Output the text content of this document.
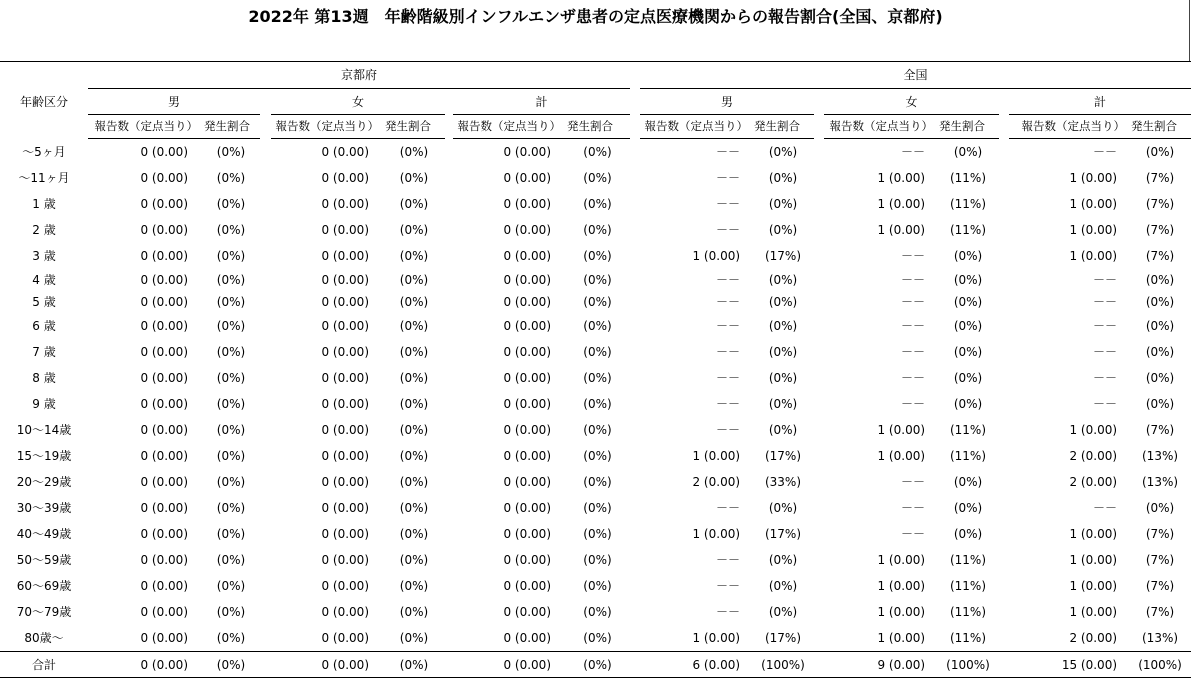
2022年 第13週　年齢階級別インフルエンザ患者の定点医療機関からの報告割合(全国、京都府)
年齢区分	京都府									全国							
	男			女			計			男			女			計	
	報告数（定点当り）	発生割合		報告数（定点当り）	発生割合		報告数（定点当り）	発生割合		報告数（定点当り）	発生割合		報告数（定点当り）	発生割合		報告数（定点当り）	発生割合
～5ヶ月	0 (0.00)	(0%)		0 (0.00)	(0%)		0 (0.00)	(0%)		－－	(0%)		－－	(0%)		－－	(0%)
～11ヶ月	0 (0.00)	(0%)		0 (0.00)	(0%)		0 (0.00)	(0%)		－－	(0%)		1 (0.00)	(11%)		1 (0.00)	(7%)
1 歳	0 (0.00)	(0%)		0 (0.00)	(0%)		0 (0.00)	(0%)		－－	(0%)		1 (0.00)	(11%)		1 (0.00)	(7%)
2 歳	0 (0.00)	(0%)		0 (0.00)	(0%)		0 (0.00)	(0%)		－－	(0%)		1 (0.00)	(11%)		1 (0.00)	(7%)
3 歳	0 (0.00)	(0%)		0 (0.00)	(0%)		0 (0.00)	(0%)		1 (0.00)	(17%)		－－	(0%)		1 (0.00)	(7%)
4 歳	0 (0.00)	(0%)		0 (0.00)	(0%)		0 (0.00)	(0%)		－－	(0%)		－－	(0%)		－－	(0%)
5 歳	0 (0.00)	(0%)		0 (0.00)	(0%)		0 (0.00)	(0%)		－－	(0%)		－－	(0%)		－－	(0%)
6 歳	0 (0.00)	(0%)		0 (0.00)	(0%)		0 (0.00)	(0%)		－－	(0%)		－－	(0%)		－－	(0%)
7 歳	0 (0.00)	(0%)		0 (0.00)	(0%)		0 (0.00)	(0%)		－－	(0%)		－－	(0%)		－－	(0%)
8 歳	0 (0.00)	(0%)		0 (0.00)	(0%)		0 (0.00)	(0%)		－－	(0%)		－－	(0%)		－－	(0%)
9 歳	0 (0.00)	(0%)		0 (0.00)	(0%)		0 (0.00)	(0%)		－－	(0%)		－－	(0%)		－－	(0%)
10～14歳	0 (0.00)	(0%)		0 (0.00)	(0%)		0 (0.00)	(0%)		－－	(0%)		1 (0.00)	(11%)		1 (0.00)	(7%)
15～19歳	0 (0.00)	(0%)		0 (0.00)	(0%)		0 (0.00)	(0%)		1 (0.00)	(17%)		1 (0.00)	(11%)		2 (0.00)	(13%)
20～29歳	0 (0.00)	(0%)		0 (0.00)	(0%)		0 (0.00)	(0%)		2 (0.00)	(33%)		－－	(0%)		2 (0.00)	(13%)
30～39歳	0 (0.00)	(0%)		0 (0.00)	(0%)		0 (0.00)	(0%)		－－	(0%)		－－	(0%)		－－	(0%)
40～49歳	0 (0.00)	(0%)		0 (0.00)	(0%)		0 (0.00)	(0%)		1 (0.00)	(17%)		－－	(0%)		1 (0.00)	(7%)
50～59歳	0 (0.00)	(0%)		0 (0.00)	(0%)		0 (0.00)	(0%)		－－	(0%)		1 (0.00)	(11%)		1 (0.00)	(7%)
60～69歳	0 (0.00)	(0%)		0 (0.00)	(0%)		0 (0.00)	(0%)		－－	(0%)		1 (0.00)	(11%)		1 (0.00)	(7%)
70～79歳	0 (0.00)	(0%)		0 (0.00)	(0%)		0 (0.00)	(0%)		－－	(0%)		1 (0.00)	(11%)		1 (0.00)	(7%)
80歳～	0 (0.00)	(0%)		0 (0.00)	(0%)		0 (0.00)	(0%)		1 (0.00)	(17%)		1 (0.00)	(11%)		2 (0.00)	(13%)
合計	0 (0.00)	(0%)		0 (0.00)	(0%)		0 (0.00)	(0%)		6 (0.00)	(100%)		9 (0.00)	(100%)		15 (0.00)	(100%)
